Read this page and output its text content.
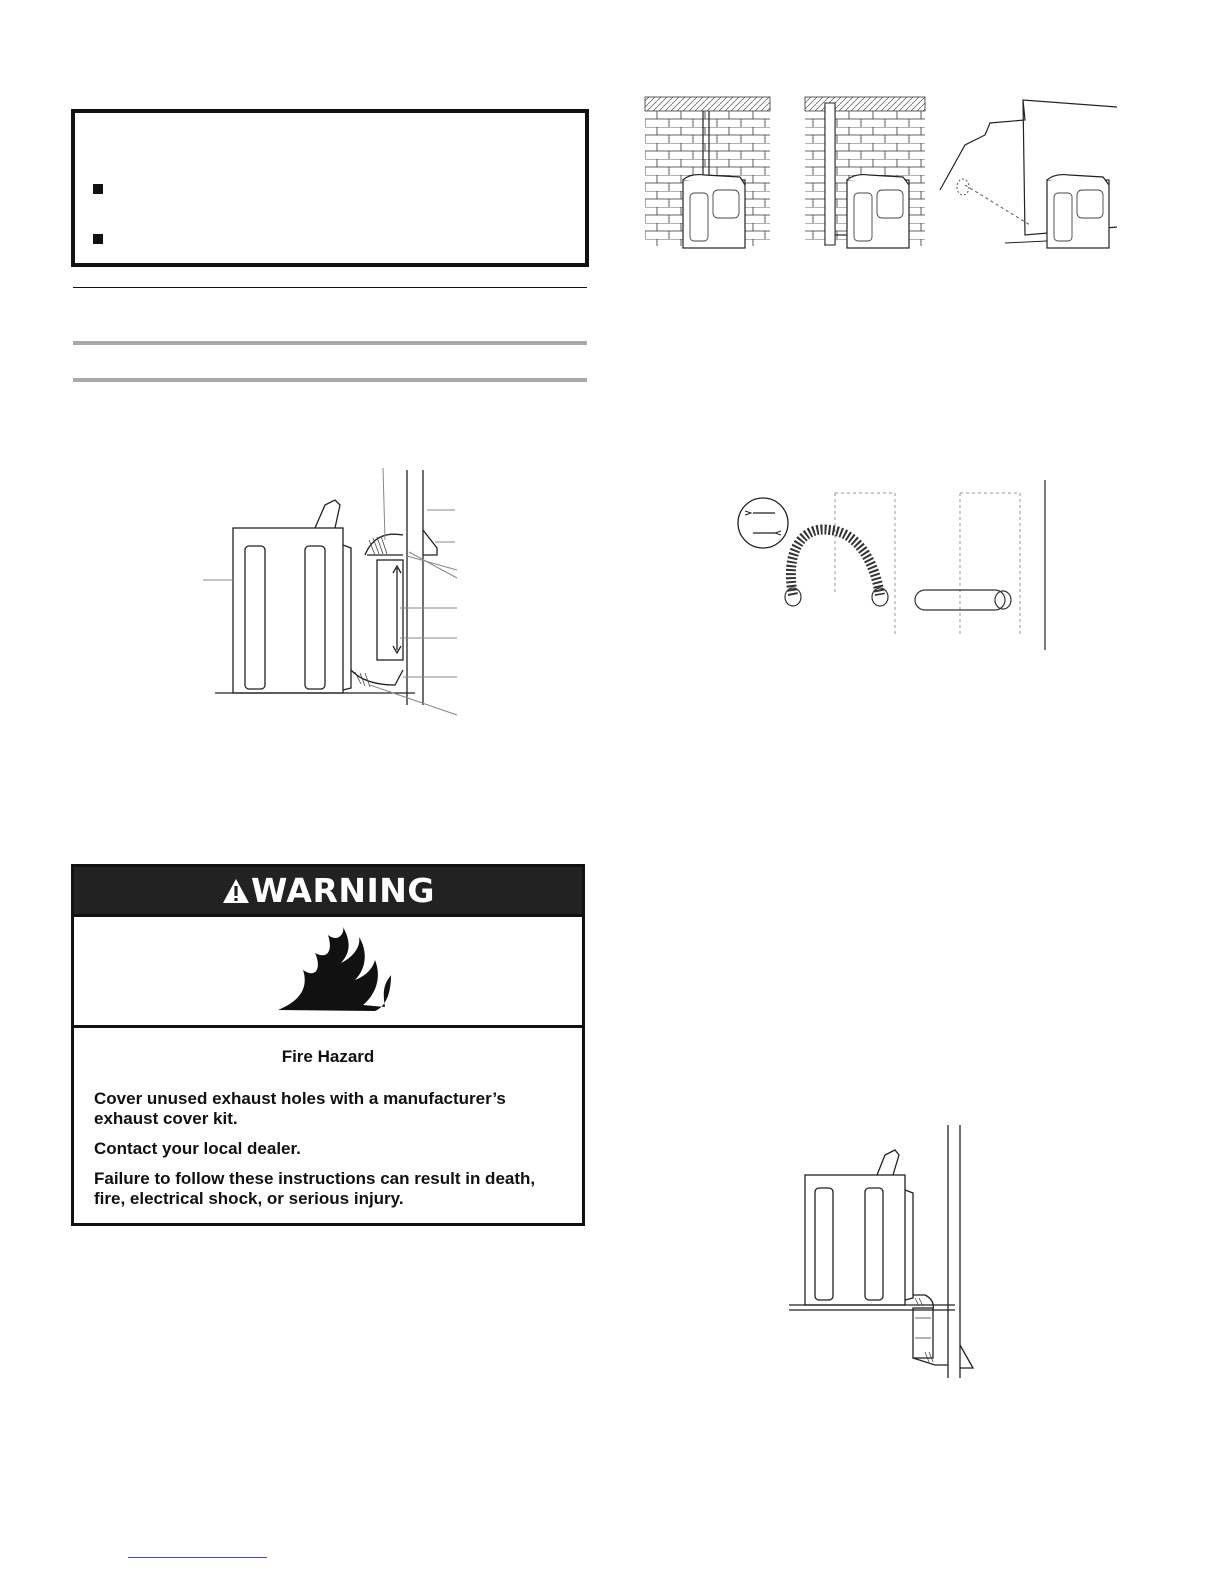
WARNING

Fire Hazard

Cover unused exhaust holes with a manufacturer’s exhaust cover kit.

Contact your local dealer.

Failure to follow these instructions can result in death, fire, electrical shock, or serious injury.
